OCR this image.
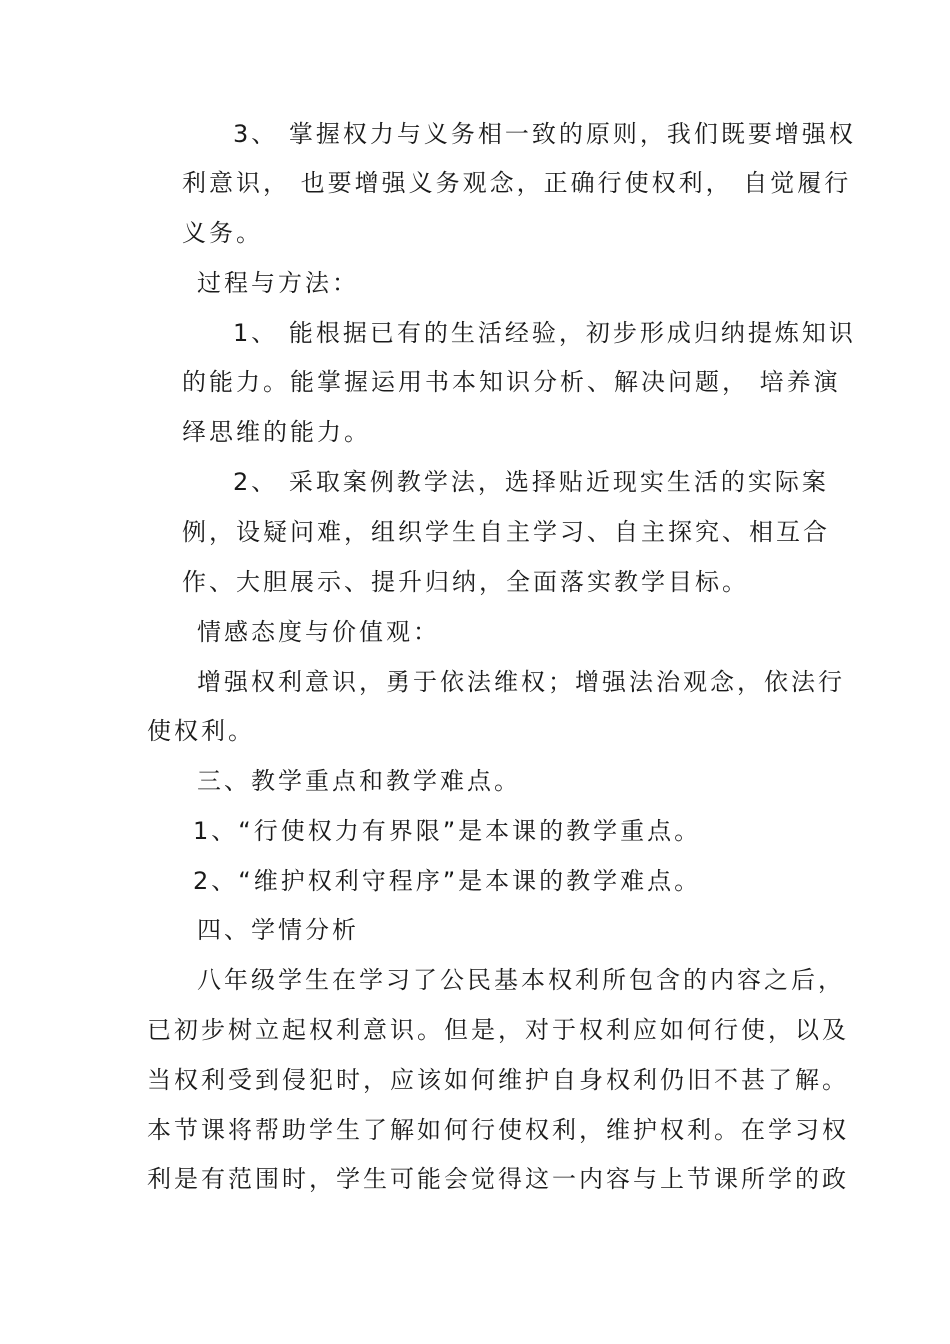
3、 掌握权力与义务相一致的原则，我们既要增强权
利意识， 也要增强义务观念，正确行使权利， 自觉履行
义务。
过程与方法：
1、 能根据已有的生活经验，初步形成归纳提炼知识
的能力。能掌握运用书本知识分析、解决问题， 培养演
绎思维的能力。
2、 采取案例教学法，选择贴近现实生活的实际案
例，设疑问难，组织学生自主学习、自主探究、相互合
作、大胆展示、提升归纳，全面落实教学目标。
情感态度与价值观：
增强权利意识，勇于依法维权；增强法治观念，依法行
使权利。
三、教学重点和教学难点。
1、“行使权力有界限”是本课的教学重点。
2、“维护权利守程序”是本课的教学难点。
四、学情分析
八年级学生在学习了公民基本权利所包含的内容之后，
已初步树立起权利意识。但是，对于权利应如何行使，以及
当权利受到侵犯时，应该如何维护自身权利仍旧不甚了解。
本节课将帮助学生了解如何行使权利，维护权利。在学习权
利是有范围时，学生可能会觉得这一内容与上节课所学的政
